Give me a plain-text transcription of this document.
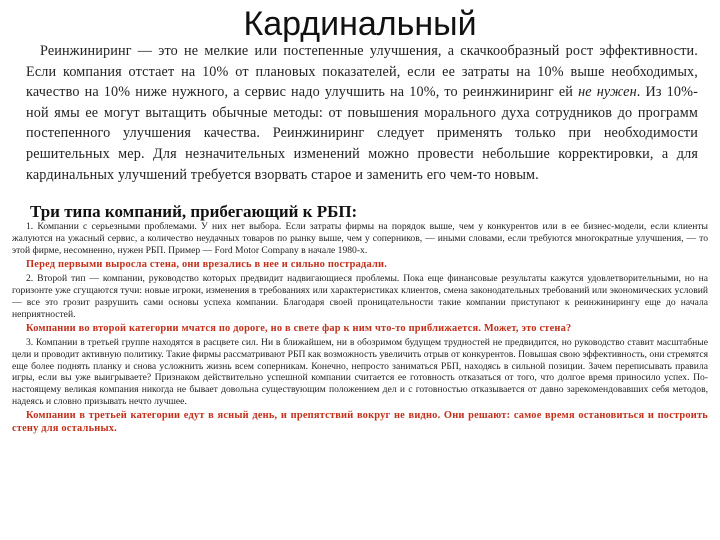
Кардинальный
Реинжиниринг — это не мелкие или постепенные улучшения, а скачкообразный рост эффективности. Если компания отстает на 10% от плановых показателей, если ее затраты на 10% выше необходимых, качество на 10% ниже нужного, а сервис надо улучшить на 10%, то реинжиниринг ей не нужен. Из 10%-ной ямы ее могут вытащить обычные методы: от повышения морального духа сотрудников до программ постепенного улучшения качества. Реинжиниринг следует применять только при необходимости решительных мер. Для незначительных изменений можно провести небольшие корректировки, а для кардинальных улучшений требуется взорвать старое и заменить его чем-то новым.
Три типа компаний, прибегающий к РБП:

1. Компании с серьезными проблемами. У них нет выбора. Если затраты фирмы на порядок выше, чем у конкурентов или в ее бизнес-модели, если клиенты жалуются на ужасный сервис, а количество неудачных товаров по рынку выше, чем у соперников, — иными словами, если требуются многократные улучшения, — то этой фирме, несомненно, нужен РБП. Пример — Ford Motor Company в начале 1980-х.

Перед первыми выросла стена, они врезались в нее и сильно пострадали.

2. Второй тип — компании, руководство которых предвидит надвигающиеся проблемы. Пока еще финансовые результаты кажутся удовлетворительными, но на горизонте уже сгущаются тучи: новые игроки, изменения в требованиях или характеристиках клиентов, смена законодательных требований или экономических условий — все это грозит разрушить сами основы успеха компании. Благодаря своей проницательности такие компании приступают к реинжинирингу еще до начала неприятностей.

Компании во второй категории мчатся по дороге, но в свете фар к ним что-то приближается. Может, это стена?

3. Компании в третьей группе находятся в расцвете сил. Ни в ближайшем, ни в обозримом будущем трудностей не предвидится, но руководство ставит масштабные цели и проводит активную политику. Такие фирмы рассматривают РБП как возможность увеличить отрыв от конкурентов. Повышая свою эффективность, они стремятся еще более поднять планку и снова усложнить жизнь всем соперникам. Конечно, непросто заниматься РБП, находясь в сильной позиции. Зачем переписывать правила игры, если вы уже выигрываете? Признаком действительно успешной компании считается ее готовность отказаться от того, что долгое время приносило успех. По-настоящему великая компания никогда не бывает довольна существующим положением дел и с готовностью отказывается от давно зарекомендовавших себя методов, надеясь и словно призывать нечто лучшее.

Компании в третьей категории едут в ясный день, и препятствий вокруг не видно. Они решают: самое время остановиться и построить стену для остальных.
